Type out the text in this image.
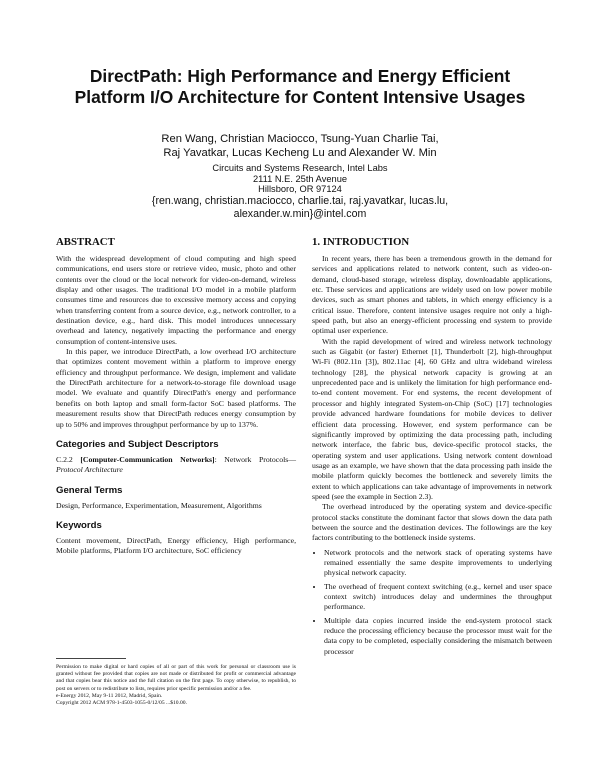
DirectPath: High Performance and Energy Efficient
Platform I/O Architecture for Content Intensive Usages
Ren Wang, Christian Maciocco, Tsung-Yuan Charlie Tai,
Raj Yavatkar, Lucas Kecheng Lu and Alexander W. Min
Circuits and Systems Research, Intel Labs
2111 N.E. 25th Avenue
Hillsboro, OR 97124
{ren.wang, christian.maciocco, charlie.tai, raj.yavatkar, lucas.lu,
alexander.w.min}@intel.com
ABSTRACT

With the widespread development of cloud computing and high speed communications, end users store or retrieve video, music, photo and other contents over the cloud or the local network for video-on-demand, wireless display and other usages. The traditional I/O model in a mobile platform consumes time and resources due to excessive memory access and copying when transferring content from a source device, e.g., network controller, to a destination device, e.g., hard disk. This model introduces unnecessary overhead and latency, negatively impacting the performance and energy consumption of content-intensive uses.

In this paper, we introduce DirectPath, a low overhead I/O architecture that optimizes content movement within a platform to improve energy efficiency and throughput performance. We design, implement and validate the DirectPath architecture for a network-to-storage file download usage model. We evaluate and quantify DirectPath's energy and performance benefits on both laptop and small form-factor SoC based platforms. The measurement results show that DirectPath reduces energy consumption by up to 50% and improves throughput performance by up to 137%.

Categories and Subject Descriptors

C.2.2 [Computer-Communication Networks]: Network Protocols—Protocol Architecture

General Terms

Design, Performance, Experimentation, Measurement, Algorithms

Keywords

Content movement, DirectPath, Energy efficiency, High performance, Mobile platforms, Platform I/O architecture, SoC efficiency

Permission to make digital or hard copies of all or part of this work for personal or classroom use is granted without fee provided that copies are not made or distributed for profit or commercial advantage and that copies bear this notice and the full citation on the first page. To copy otherwise, to republish, to post on servers or to redistribute to lists, requires prior specific permission and/or a fee.

e-Energy 2012, May 9-11 2012, Madrid, Spain.

Copyright 2012 ACM 978-1-4503-1055-0/12/05 ...$10.00.

1. INTRODUCTION

In recent years, there has been a tremendous growth in the demand for services and applications related to network content, such as video-on-demand, cloud-based storage, wireless display, downloadable applications, etc. These services and applications are widely used on low power mobile devices, such as smart phones and tablets, in which energy efficiency is a critical issue. Therefore, content intensive usages require not only a high-speed path, but also an energy-efficient processing end system to provide optimal user experience.

With the rapid development of wired and wireless network technology such as Gigabit (or faster) Ethernet [1], Thunderbolt [2], high-throughput Wi-Fi (802.11n [3]), 802.11ac [4], 60 GHz and ultra wideband wireless technology [28], the physical network capacity is growing at an unprecedented pace and is unlikely the limitation for high performance end-to-end content movement. For end systems, the recent development of processor and highly integrated System-on-Chip (SoC) [17] technologies provide advanced hardware foundations for mobile devices to deliver efficient data processing. However, end system performance can be significantly improved by optimizing the data processing path, including network interface, the fabric bus, device-specific protocol stacks, the operating system and user applications. Using network content download usage as an example, we have shown that the data processing path inside the mobile platform quickly becomes the bottleneck and severely limits the extent to which applications can take advantage of improvements in network speed (see the example in Section 2.3).

The overhead introduced by the operating system and device-specific protocol stacks constitute the dominant factor that slows down the data path between the source and the destination devices. The followings are the key factors contributing to the bottleneck inside systems.

• Network protocols and the network stack of operating systems have remained essentially the same despite improvements to underlying physical network capacity.
• The overhead of frequent context switching (e.g., kernel and user space context switch) introduces delay and undermines the throughput performance.
• Multiple data copies incurred inside the end-system protocol stack reduce the processing efficiency because the processor must wait for the data copy to be completed, especially considering the mismatch between processor
